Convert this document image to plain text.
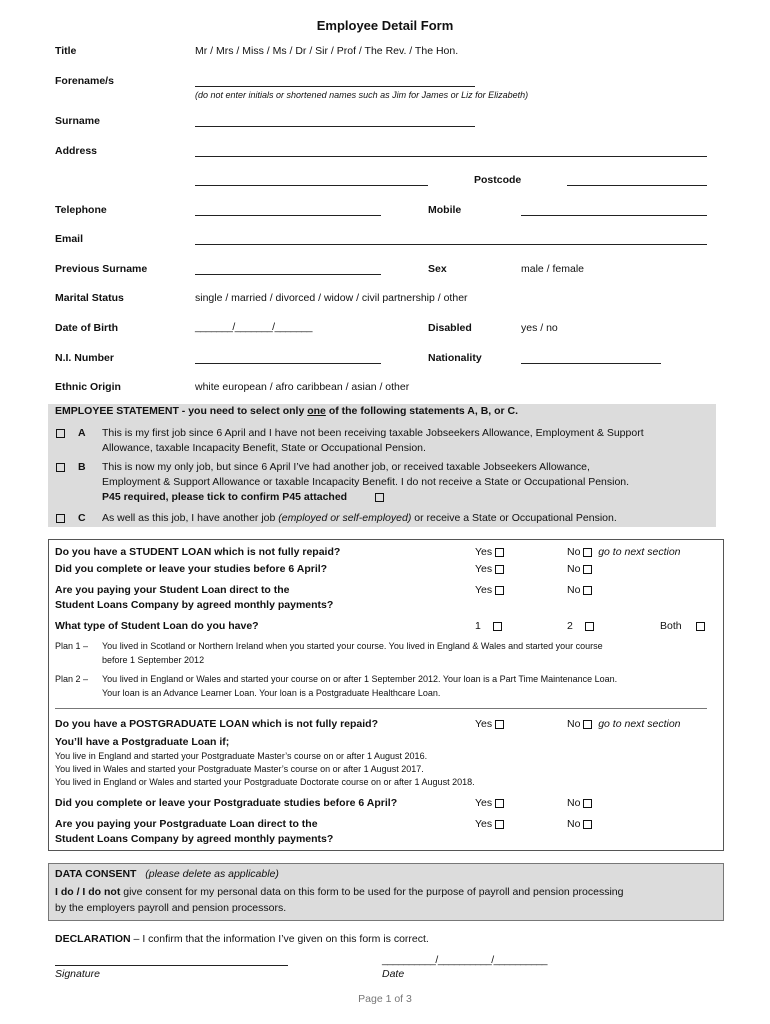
Employee Detail Form
Title	Mr / Mrs / Miss / Ms / Dr / Sir / Prof / The Rev. / The Hon.
Forename/s
(do not enter initials or shortened names such as Jim for James or Liz for Elizabeth)
Surname
Address
Postcode
Telephone	Mobile
Email
Previous Surname	Sex	male / female
Marital Status	single / married / divorced / widow / civil partnership / other
Date of Birth	_______/_______/_______	Disabled	yes / no
N.I. Number	Nationality
Ethnic Origin	white european / afro caribbean / asian / other
EMPLOYEE STATEMENT - you need to select only one of the following statements A, B, or C.
A This is my first job since 6 April and I have not been receiving taxable Jobseekers Allowance, Employment & Support
Allowance, taxable Incapacity Benefit, State or Occupational Pension.
B This is now my only job, but since 6 April I’ve had another job, or received taxable Jobseekers Allowance,
Employment & Support Allowance or taxable Incapacity Benefit. I do not receive a State or Occupational Pension.
P45 required, please tick to confirm P45 attached
C As well as this job, I have another job (employed or self-employed) or receive a State or Occupational Pension.
Do you have a STUDENT LOAN which is not fully repaid?	Yes	No go to next section
Did you complete or leave your studies before 6 April?	Yes	No
Are you paying your Student Loan direct to the
Student Loans Company by agreed monthly payments?
Yes	No
What type of Student Loan do you have?	1	2	Both
Plan 1 – You lived in Scotland or Northern Ireland when you started your course. You lived in England & Wales and started your course
before 1 September 2012
Plan 2 – You lived in England or Wales and started your course on or after 1 September 2012. Your loan is a Part Time Maintenance Loan.
Your loan is an Advance Learner Loan. Your loan is a Postgraduate Healthcare Loan.
Do you have a POSTGRADUATE LOAN which is not fully repaid?	Yes	No go to next section
You’ll have a Postgraduate Loan if;
You live in England and started your Postgraduate Master’s course on or after 1 August 2016.
You lived in Wales and started your Postgraduate Master’s course on or after 1 August 2017.
You lived in England or Wales and started your Postgraduate Doctorate course on or after 1 August 2018.
Did you complete or leave your Postgraduate studies before 6 April?	Yes	No
Are you paying your Postgraduate Loan direct to the
Student Loans Company by agreed monthly payments?
Yes	No
DATA CONSENT (please delete as applicable)
I do / I do not give consent for my personal data on this form to be used for the purpose of payroll and pension processing
by the employers payroll and pension processors.
DECLARATION – I confirm that the information I’ve given on this form is correct.
Signature
__________/__________/__________
Date
Page 1 of 3
